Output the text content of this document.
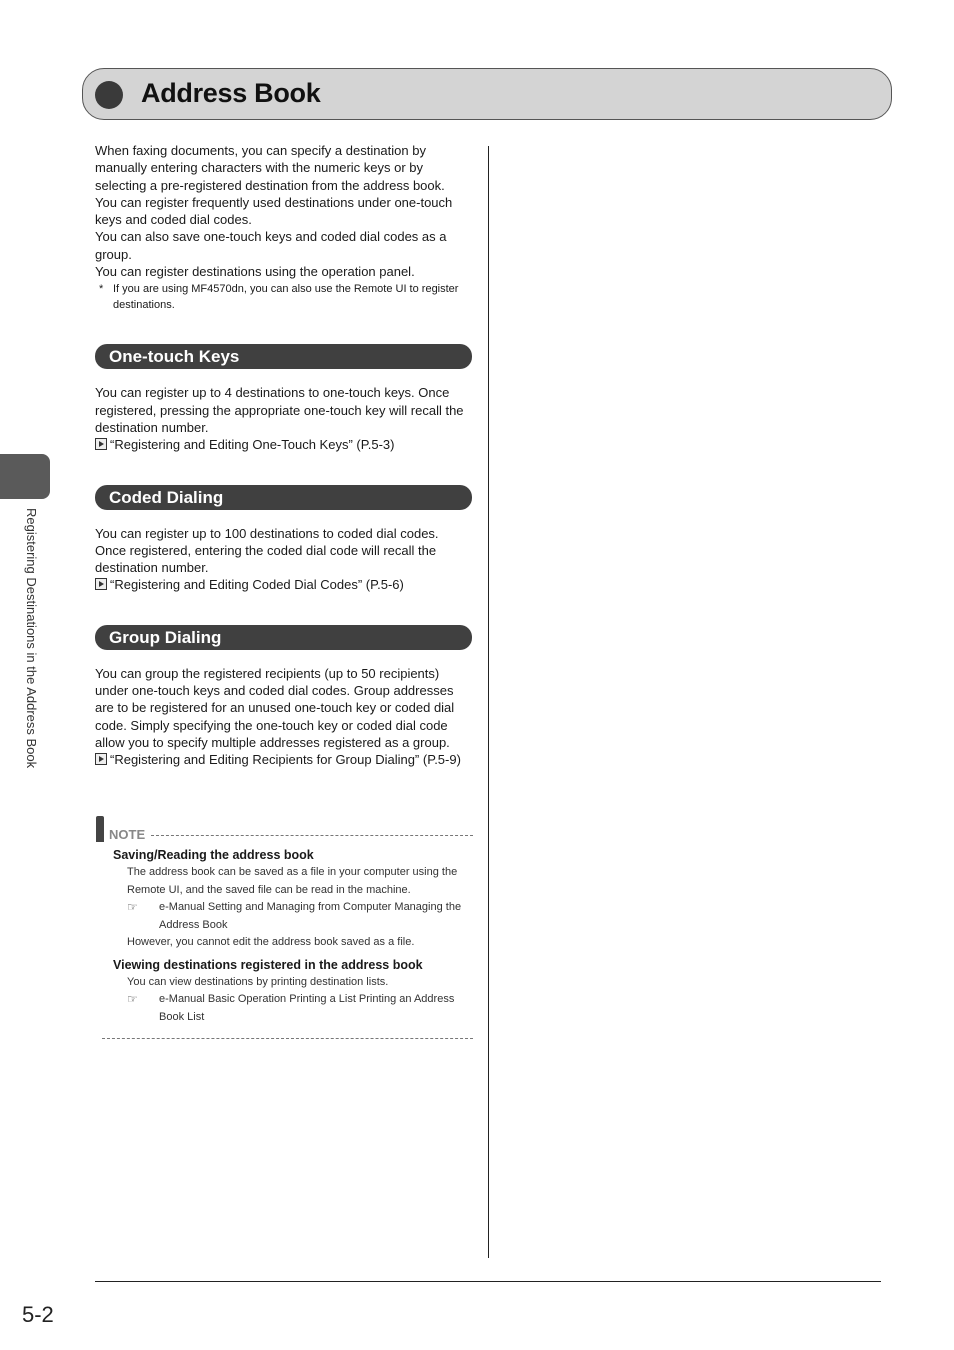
Address Book

When faxing documents, you can specify a destination by manually entering characters with the numeric keys or by selecting a pre-registered destination from the address book.

You can register frequently used destinations under one-touch keys and coded dial codes.

You can also save one-touch keys and coded dial codes as a group.

You can register destinations using the operation panel.

* If you are using MF4570dn, you can also use the Remote UI to register destinations.
One-touch Keys

You can register up to 4 destinations to one-touch keys. Once registered, pressing the appropriate one-touch key will recall the destination number.

“Registering and Editing One-Touch Keys” (P.5-3)
Coded Dialing

You can register up to 100 destinations to coded dial codes. Once registered, entering the coded dial code will recall the destination number.

“Registering and Editing Coded Dial Codes” (P.5-6)
Group Dialing

You can group the registered recipients (up to 50 recipients) under one-touch keys and coded dial codes. Group addresses are to be registered for an unused one-touch key or coded dial code. Simply specifying the one-touch key or coded dial code allow you to specify multiple addresses registered as a group.

“Registering and Editing Recipients for Group Dialing” (P.5-9)
NOTE
Saving/Reading the address book

The address book can be saved as a file in your computer using the Remote UI, and the saved file can be read in the machine.

☞	e-Manual Setting and Managing from Computer Managing the Address Book

However, you cannot edit the address book saved as a file.

Viewing destinations registered in the address book

You can view destinations by printing destination lists.

☞	e-Manual Basic Operation Printing a List Printing an Address Book List
Registering Destinations in the Address Book
5-2
